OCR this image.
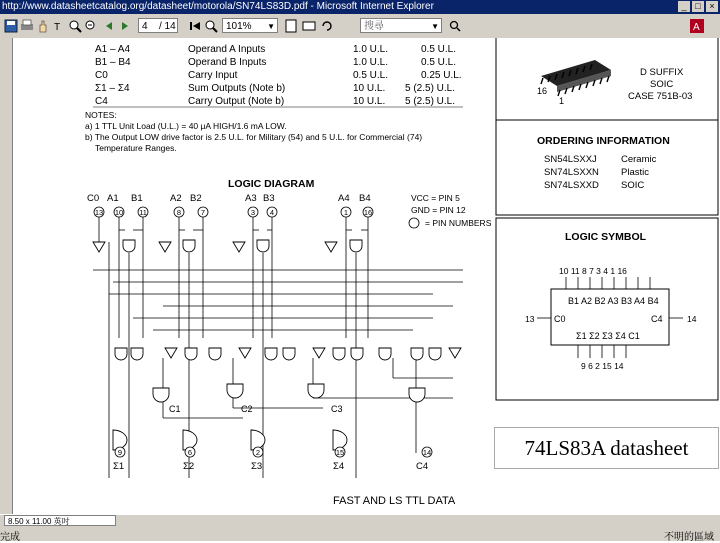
http://www.datasheetcatalog.org/datasheet/motorola/SN74LS83D.pdf - Microsoft Internet Explorer	_ □ ×
T	4 / 14	101% ▼	搜尋	▼	A
A1 – A4	Operand A Inputs	1.0 U.L.	0.5 U.L.
B1 – B4	Operand B Inputs	1.0 U.L.	0.5 U.L.
C0	Carry Input	0.5 U.L.	0.25 U.L.
Σ1 – Σ4	Sum Outputs (Note b)	10 U.L. 5 (2.5) U.L.
C4	Carry Output (Note b)	10 U.L. 5 (2.5) U.L.
NOTES:
a) 1 TTL Unit Load (U.L.) = 40 μA HIGH/1.6 mA LOW.
b) The Output LOW drive factor is 2.5 U.L. for Military (54) and 5 U.L. for Commercial (74)
Temperature Ranges.
16
1
D SUFFIX
SOIC
CASE 751B-03
ORDERING INFORMATION
SN54LSXXJ	Ceramic
SN74LSXXN Plastic
SN74LSXXD SOIC
LOGIC SYMBOL
10 11 8 7 3 4 1 16
B1 A2 B2 A3 B3 A4 B4
13 C0	C4	14
Σ1 Σ2 Σ3 Σ4 C1
9 6 2 15 14
LOGIC DIAGRAM
C0 A1 B1	A2 B2	A3 B3	A4 B4
13 10 11	8	7	3 4	1 16
VCC = PIN 5
GND = PIN 12
= PIN NUMBERS
C1	C2	C3
9	6	2	15	14
Σ1	Σ2	Σ3	Σ4	C4
FAST AND LS TTL DATA
74LS83A datasheet
8.50 x 11.00 英吋
完成	不明的區域
